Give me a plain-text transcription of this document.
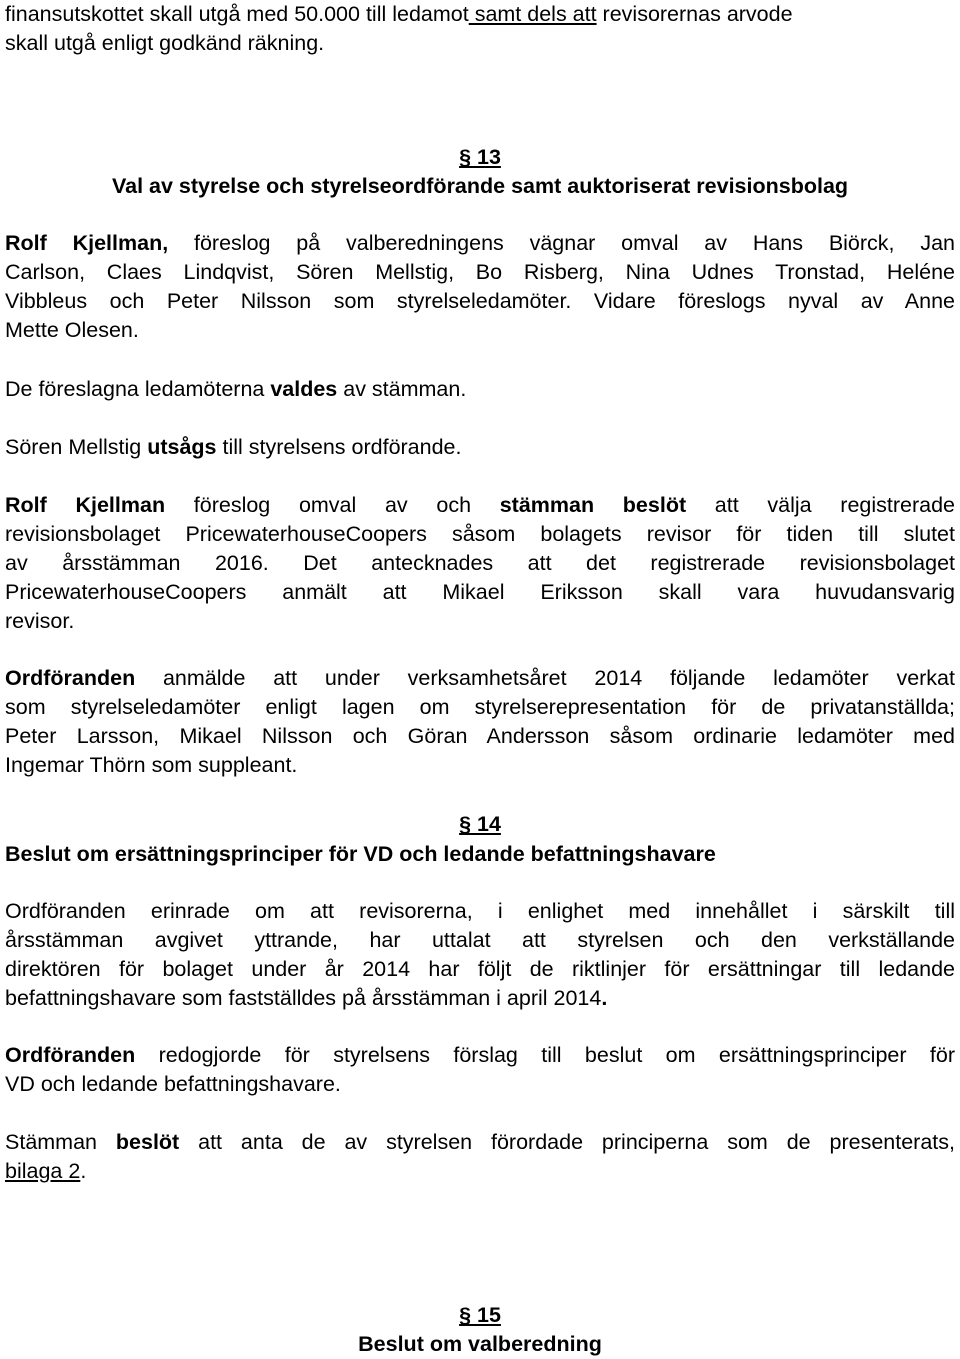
finansutskottet skall utgå med 50.000 till ledamot samt dels att revisorernas arvode
skall utgå enligt godkänd räkning.
§ 13
Val av styrelse och styrelseordförande samt auktoriserat revisionsbolag
Rolf Kjellman, föreslog på valberedningens vägnar omval av Hans Biörck, Jan
Carlson, Claes Lindqvist, Sören Mellstig, Bo Risberg, Nina Udnes Tronstad, Heléne
Vibbleus och Peter Nilsson som styrelseledamöter. Vidare föreslogs nyval av Anne
Mette Olesen.
De föreslagna ledamöterna valdes av stämman.
Sören Mellstig utsågs till styrelsens ordförande.
Rolf Kjellman föreslog omval av och stämman beslöt att välja registrerade
revisionsbolaget PricewaterhouseCoopers såsom bolagets revisor för tiden till slutet
av årsstämman 2016. Det antecknades att det registrerade revisionsbolaget
PricewaterhouseCoopers anmält att Mikael Eriksson skall vara huvudansvarig
revisor.
Ordföranden anmälde att under verksamhetsåret 2014 följande ledamöter verkat
som styrelseledamöter enligt lagen om styrelserepresentation för de privatanställda;
Peter Larsson, Mikael Nilsson och Göran Andersson såsom ordinarie ledamöter med
Ingemar Thörn som suppleant.
§ 14
Beslut om ersättningsprinciper för VD och ledande befattningshavare
Ordföranden erinrade om att revisorerna, i enlighet med innehållet i särskilt till
årsstämman avgivet yttrande, har uttalat att styrelsen och den verkställande
direktören för bolaget under år 2014 har följt de riktlinjer för ersättningar till ledande
befattningshavare som fastställdes på årsstämman i april 2014.
Ordföranden redogjorde för styrelsens förslag till beslut om ersättningsprinciper för
VD och ledande befattningshavare.
Stämman beslöt att anta de av styrelsen förordade principerna som de presenterats,
bilaga 2.
§ 15
Beslut om valberedning
